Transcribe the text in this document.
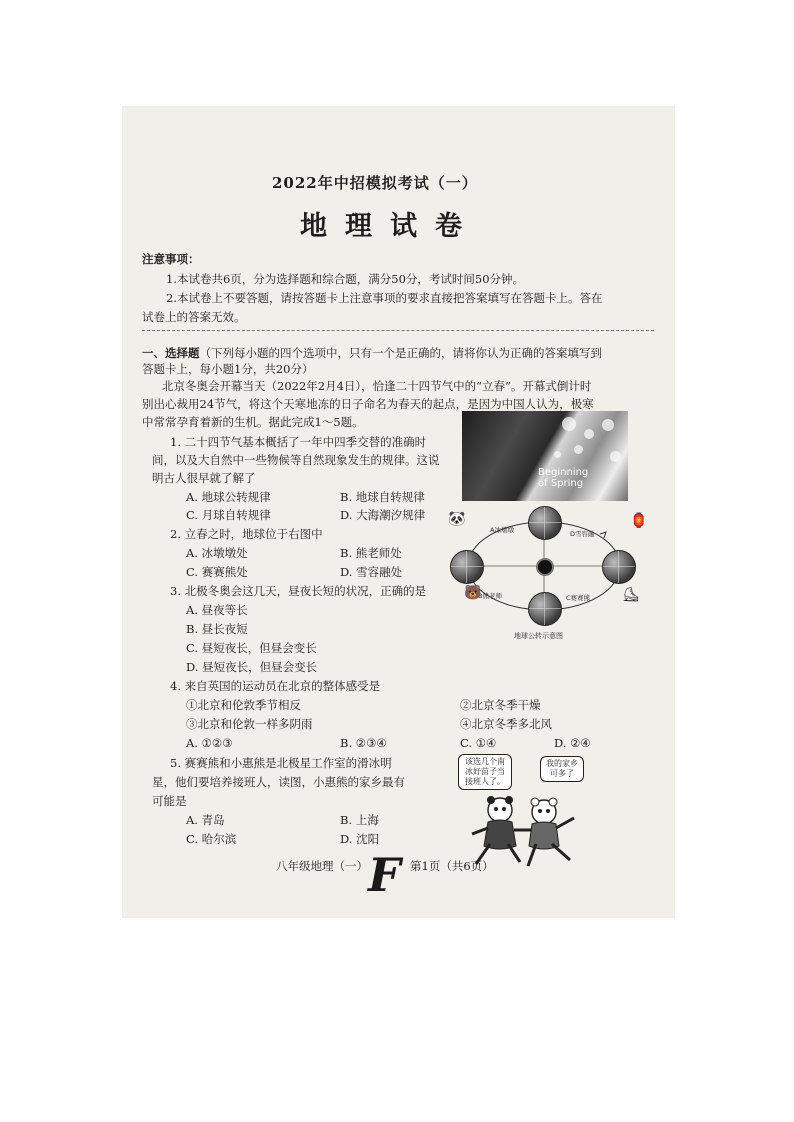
2022年中招模拟考试（一）
地理试卷
注意事项：
1.本试卷共6页，分为选择题和综合题，满分50分，考试时间50分钟。
2.本试卷上不要答题，请按答题卡上注意事项的要求直接把答案填写在答题卡上。答在
试卷上的答案无效。
一、选择题（下列每小题的四个选项中，只有一个是正确的，请将你认为正确的答案填写到
答题卡上，每小题1分，共20分）
北京冬奥会开幕当天（2022年2月4日），恰逢二十四节气中的“立春”。开幕式倒计时
别出心裁用24节气，将这个天寒地冻的日子命名为春天的起点，是因为中国人认为，极寒
中常常孕育着新的生机。据此完成1～5题。
Beginning
of Spring
1. 二十四节气基本概括了一年中四季交替的准确时
间，以及大自然中一些物候等自然现象发生的规律。这说
明古人很早就了解了
A. 地球公转规律	B. 地球自转规律
C. 月球自转规律	D. 大海潮汐规律
2. 立春之时，地球位于右图中
A. 冰墩墩处	B. 熊老师处
C. 赛赛熊处	D. 雪容融处
A冰墩墩	D雪容融
B熊老师	C赛赛熊
地球公转示意图
🐼	🏮
🐻	⛸
3. 北极冬奥会这几天，昼夜长短的状况，正确的是
A. 昼夜等长
B. 昼长夜短
C. 昼短夜长，但昼会变长
D. 昼短夜长，但昼会变长
4. 来自英国的运动员在北京的整体感受是
①北京和伦敦季节相反	②北京冬季干燥
③北京和伦敦一样多阴雨	④北京冬季多北风
A. ①②③	B. ②③④	C. ①④	D. ②④
5. 赛赛熊和小惠熊是北极星工作室的滑冰明
星，他们要培养接班人，读图，小惠熊的家乡最有
可能是
A. 青岛	B. 上海
C. 哈尔滨	D. 沈阳
该选几个南冰好苗子当接班人了。
我的家乡可多了
八年级地理（一） F 第1页（共6页）
